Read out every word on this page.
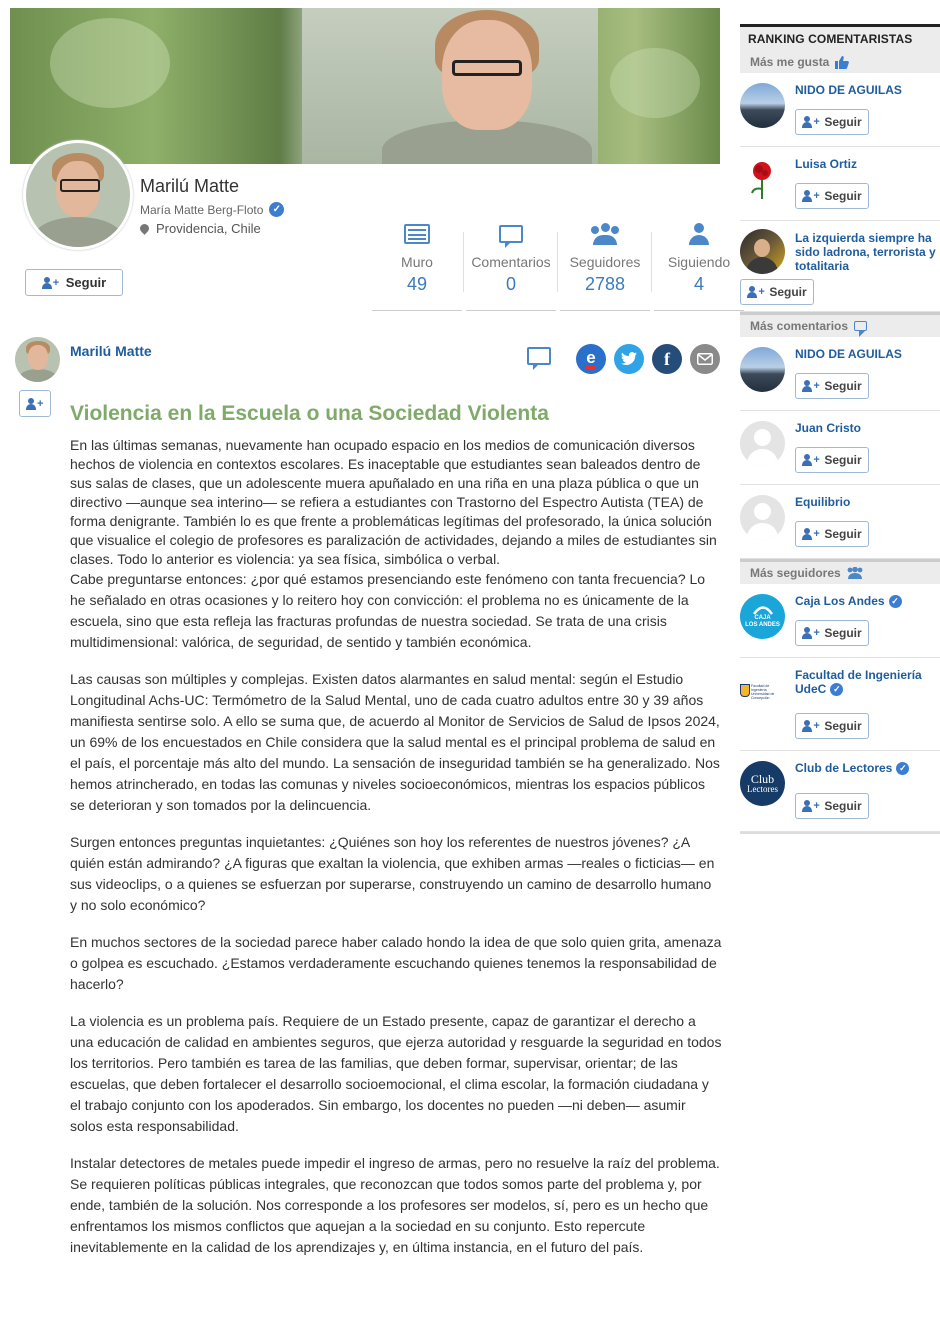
Marilú Matte
María Matte Berg-Floto ✓
Providencia, Chile
+ Seguir
Muro
49
Comentarios
0
Seguidores
2788
Siguiendo
4
+
Marilú Matte	e	f
Violencia en la Escuela o una Sociedad Violenta

En las últimas semanas, nuevamente han ocupado espacio en los medios de comunicación diversos hechos de violencia en contextos escolares. Es inaceptable que estudiantes sean baleados dentro de sus salas de clases, que un adolescente muera apuñalado en una riña en una plaza pública o que un directivo —aunque sea interino— se refiera a estudiantes con Trastorno del Espectro Autista (TEA) de forma denigrante. También lo es que frente a problemáticas legítimas del profesorado, la única solución que visualice el colegio de profesores es paralización de actividades, dejando a miles de estudiantes sin clases. Todo lo anterior es violencia: ya sea física, simbólica o verbal.

Cabe preguntarse entonces: ¿por qué estamos presenciando este fenómeno con tanta frecuencia? Lo he señalado en otras ocasiones y lo reitero hoy con convicción: el problema no es únicamente de la escuela, sino que esta refleja las fracturas profundas de nuestra sociedad. Se trata de una crisis multidimensional: valórica, de seguridad, de sentido y también económica.

Las causas son múltiples y complejas. Existen datos alarmantes en salud mental: según el Estudio Longitudinal Achs-UC: Termómetro de la Salud Mental, uno de cada cuatro adultos entre 30 y 39 años manifiesta sentirse solo. A ello se suma que, de acuerdo al Monitor de Servicios de Salud de Ipsos 2024, un 69% de los encuestados en Chile considera que la salud mental es el principal problema de salud en el país, el porcentaje más alto del mundo. La sensación de inseguridad también se ha generalizado. Nos hemos atrincherado, en todas las comunas y niveles socioeconómicos, mientras los espacios públicos se deterioran y son tomados por la delincuencia.

Surgen entonces preguntas inquietantes: ¿Quiénes son hoy los referentes de nuestros jóvenes? ¿A quién están admirando? ¿A figuras que exaltan la violencia, que exhiben armas —reales o ficticias— en sus videoclips, o a quienes se esfuerzan por superarse, construyendo un camino de desarrollo humano y no solo económico?

En muchos sectores de la sociedad parece haber calado hondo la idea de que solo quien grita, amenaza o golpea es escuchado. ¿Estamos verdaderamente escuchando quienes tenemos la responsabilidad de hacerlo?

La violencia es un problema país. Requiere de un Estado presente, capaz de garantizar el derecho a una educación de calidad en ambientes seguros, que ejerza autoridad y resguarde la seguridad en todos los territorios. Pero también es tarea de las familias, que deben formar, supervisar, orientar; de las escuelas, que deben fortalecer el desarrollo socioemocional, el clima escolar, la formación ciudadana y el trabajo conjunto con los apoderados. Sin embargo, los docentes no pueden —ni deben— asumir solos esta responsabilidad.

Instalar detectores de metales puede impedir el ingreso de armas, pero no resuelve la raíz del problema. Se requieren políticas públicas integrales, que reconozcan que todos somos parte del problema y, por ende, también de la solución. Nos corresponde a los profesores ser modelos, sí, pero es un hecho que enfrentamos los mismos conflictos que aquejan a la sociedad en su conjunto. Esto repercute inevitablemente en la calidad de los aprendizajes y, en última instancia, en el futuro del país.

RANKING COMENTARISTAS
Más me gusta
NIDO DE AGUILAS
+ Seguir
Luisa Ortiz
+ Seguir
La izquierda siempre ha sido ladrona, terrorista y totalitaria
+ Seguir
Más comentarios
NIDO DE AGUILAS
+ Seguir
Juan Cristo
+ Seguir
Equilibrio
+ Seguir
Más seguidores
CAJA
LOS ANDES
Caja Los Andes ✓
+ Seguir
Facultad de Ingeniería Universidad de Concepción
Facultad de Ingeniería UdeC ✓
+ Seguir
Club
Lectores
Club de Lectores ✓
+ Seguir
